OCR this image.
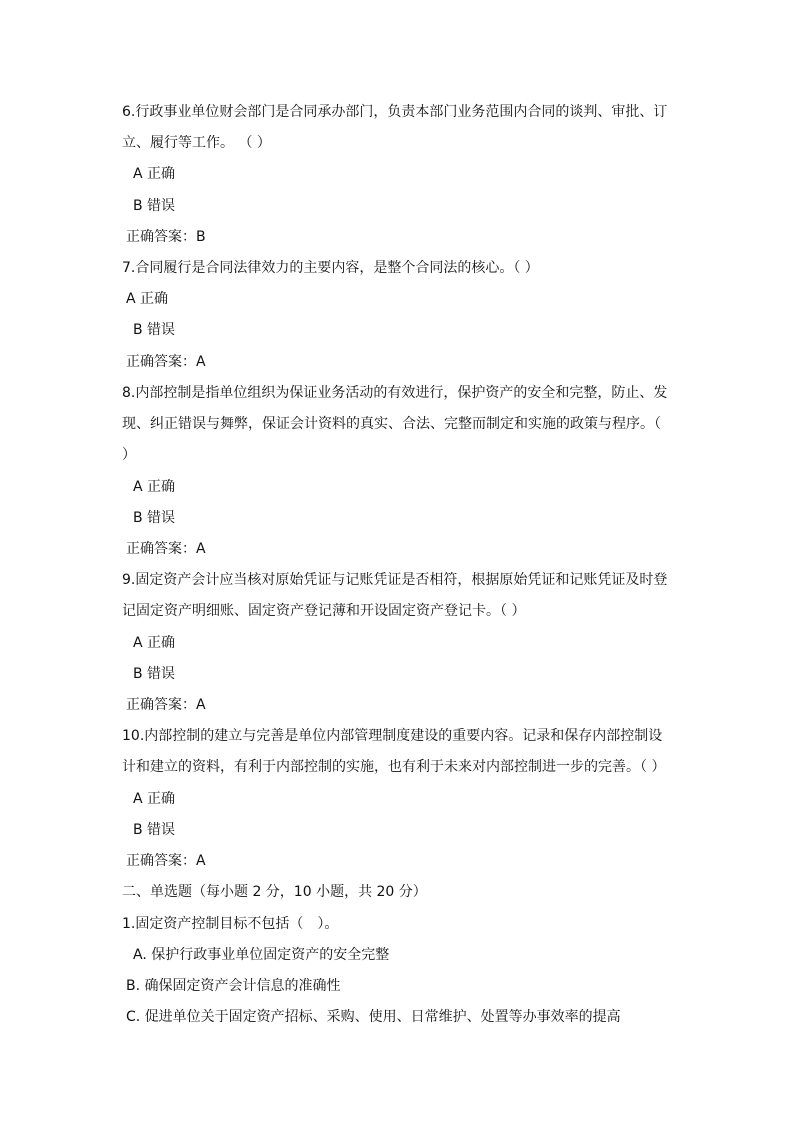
6.行政事业单位财会部门是合同承办部门，负责本部门业务范围内合同的谈判、审批、订
立、履行等工作。 （ ）
A 正确
B 错误
正确答案：B
7.合同履行是合同法律效力的主要内容，是整个合同法的核心。（ ）
A 正确
B 错误
正确答案：A
8.内部控制是指单位组织为保证业务活动的有效进行，保护资产的安全和完整，防止、发
现、纠正错误与舞弊，保证会计资料的真实、合法、完整而制定和实施的政策与程序。（
）
A 正确
B 错误
正确答案：A
9.固定资产会计应当核对原始凭证与记账凭证是否相符，根据原始凭证和记账凭证及时登
记固定资产明细账、固定资产登记薄和开设固定资产登记卡。（ ）
A 正确
B 错误
正确答案：A
10.内部控制的建立与完善是单位内部管理制度建设的重要内容。记录和保存内部控制设
计和建立的资料，有利于内部控制的实施，也有利于未来对内部控制进一步的完善。（ ）
A 正确
B 错误
正确答案：A
二、单选题（每小题 2 分，10 小题，共 20 分）
1.固定资产控制目标不包括（　）。
A. 保护行政事业单位固定资产的安全完整
B. 确保固定资产会计信息的准确性
C. 促进单位关于固定资产招标、采购、使用、日常维护、处置等办事效率的提高
